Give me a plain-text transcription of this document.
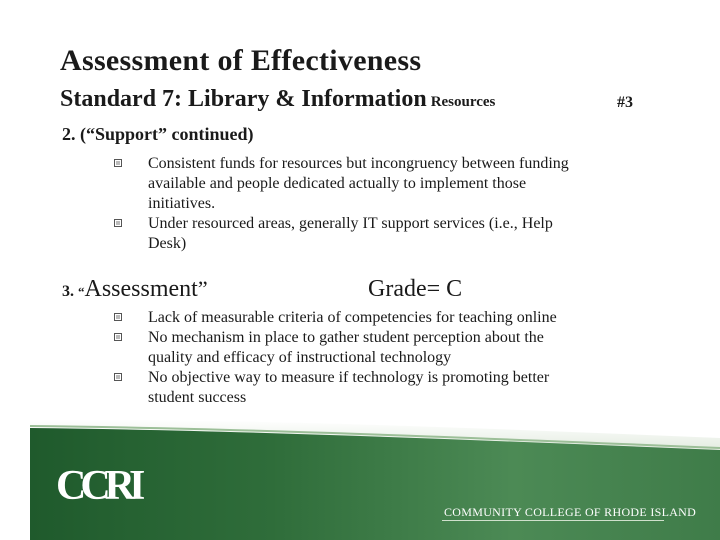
Assessment of Effectiveness
Standard 7: Library & Information Resources	#3
2. (“Support” continued)
Consistent funds for resources but incongruency between funding
available and people dedicated actually to implement those
initiatives.
Under resourced areas, generally IT support services (i.e., Help
Desk)
3. “Assessment”	Grade= C
Lack of measurable criteria of competencies for teaching online
No mechanism in place to gather student perception about the
quality and efficacy of instructional technology
No objective way to measure if technology is promoting better
student success
CCRI
COMMUNITY COLLEGE OF RHODE ISLAND
